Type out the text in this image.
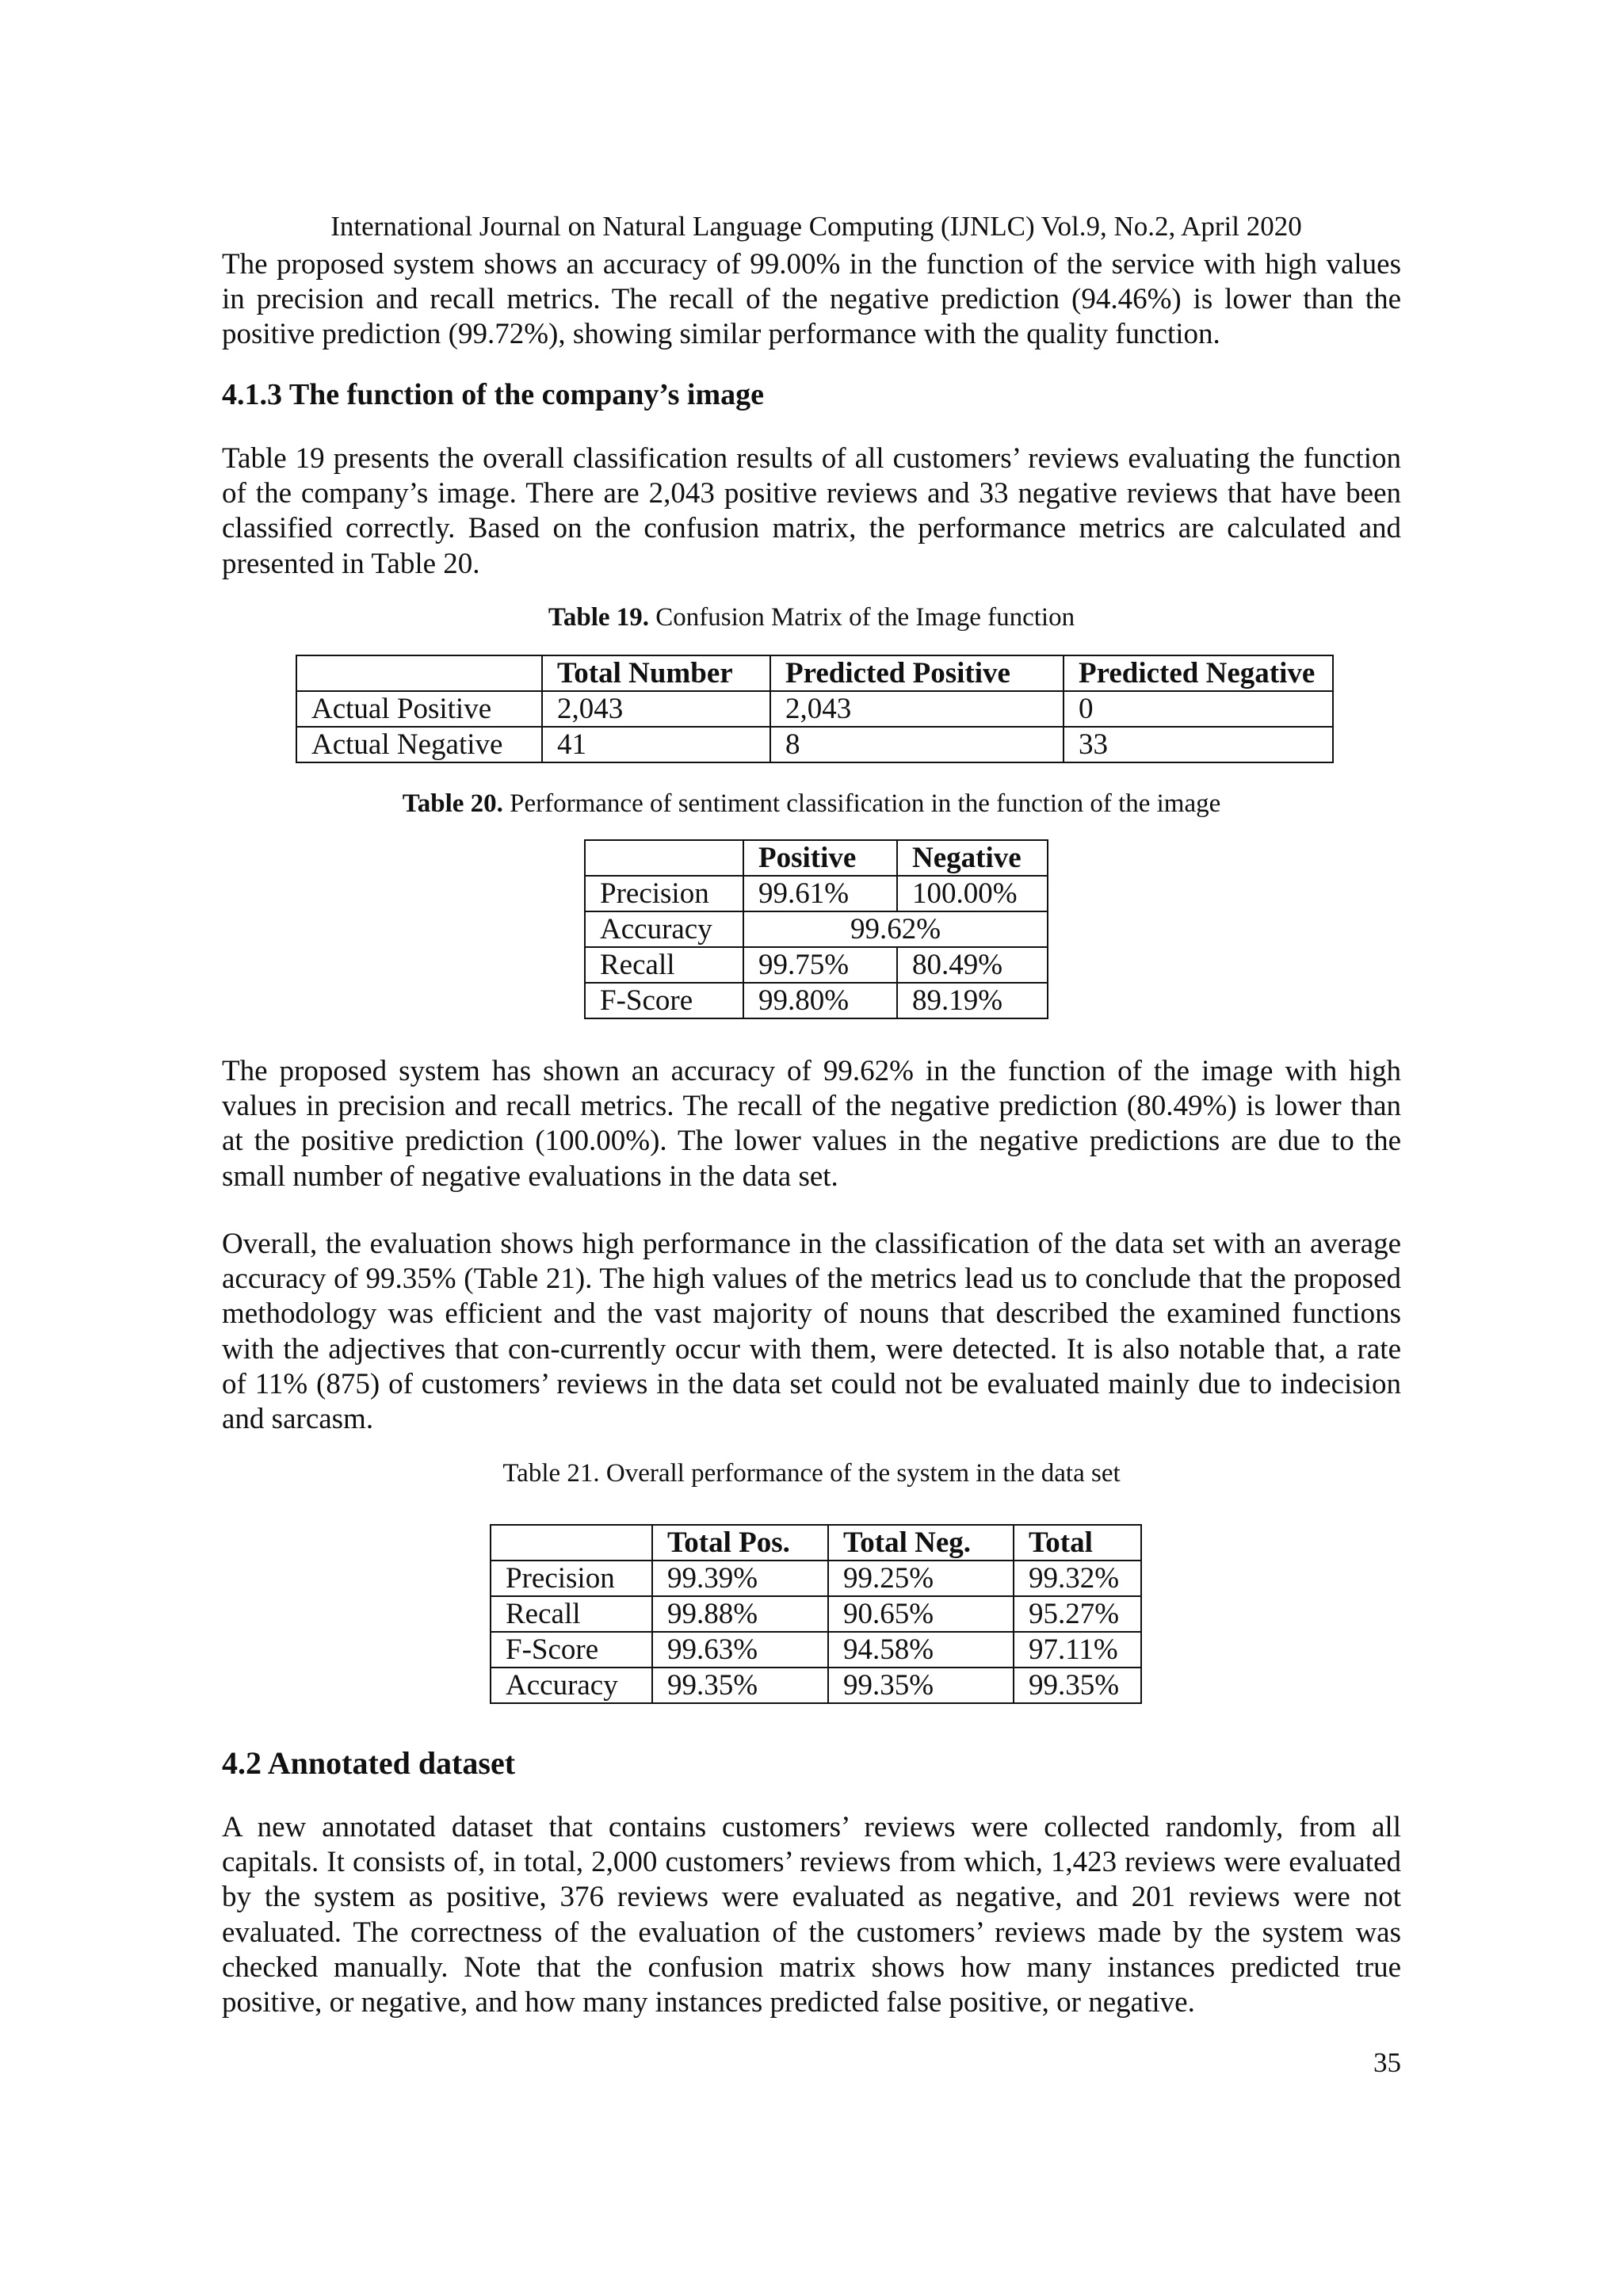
International Journal on Natural Language Computing (IJNLC) Vol.9, No.2, April 2020

The proposed system shows an accuracy of 99.00% in the function of the service with high values in precision and recall metrics. The recall of the negative prediction (94.46%) is lower than the positive prediction (99.72%), showing similar performance with the quality function.

4.1.3 The function of the company’s image

Table 19 presents the overall classification results of all customers’ reviews evaluating the function of the company’s image. There are 2,043 positive reviews and 33 negative reviews that have been classified correctly. Based on the confusion matrix, the performance metrics are calculated and presented in Table 20.

Table 19. Confusion Matrix of the Image function

	Total Number	Predicted Positive	Predicted Negative
Actual Positive	2,043	2,043	0
Actual Negative	41	8	33

Table 20. Performance of sentiment classification in the function of the image

	Positive	Negative
Precision	99.61%	100.00%
Accuracy	99.62%	
Recall	99.75%	80.49%
F-Score	99.80%	89.19%

The proposed system has shown an accuracy of 99.62% in the function of the image with high values in precision and recall metrics. The recall of the negative prediction (80.49%) is lower than at the positive prediction (100.00%). The lower values in the negative predictions are due to the small number of negative evaluations in the data set.

Overall, the evaluation shows high performance in the classification of the data set with an average accuracy of 99.35% (Table 21). The high values of the metrics lead us to conclude that the proposed methodology was efficient and the vast majority of nouns that described the examined functions with the adjectives that con-currently occur with them, were detected. It is also notable that, a rate of 11% (875) of customers’ reviews in the data set could not be evaluated mainly due to indecision and sarcasm.

Table 21. Overall performance of the system in the data set

	Total Pos.	Total Neg.	Total
Precision	99.39%	99.25%	99.32%
Recall	99.88%	90.65%	95.27%
F-Score	99.63%	94.58%	97.11%
Accuracy	99.35%	99.35%	99.35%
4.2 Annotated dataset

A new annotated dataset that contains customers’ reviews were collected randomly, from all capitals. It consists of, in total, 2,000 customers’ reviews from which, 1,423 reviews were evaluated by the system as positive, 376 reviews were evaluated as negative, and 201 reviews were not evaluated. The correctness of the evaluation of the customers’ reviews made by the system was checked manually. Note that the confusion matrix shows how many instances predicted true positive, or negative, and how many instances predicted false positive, or negative.

35
